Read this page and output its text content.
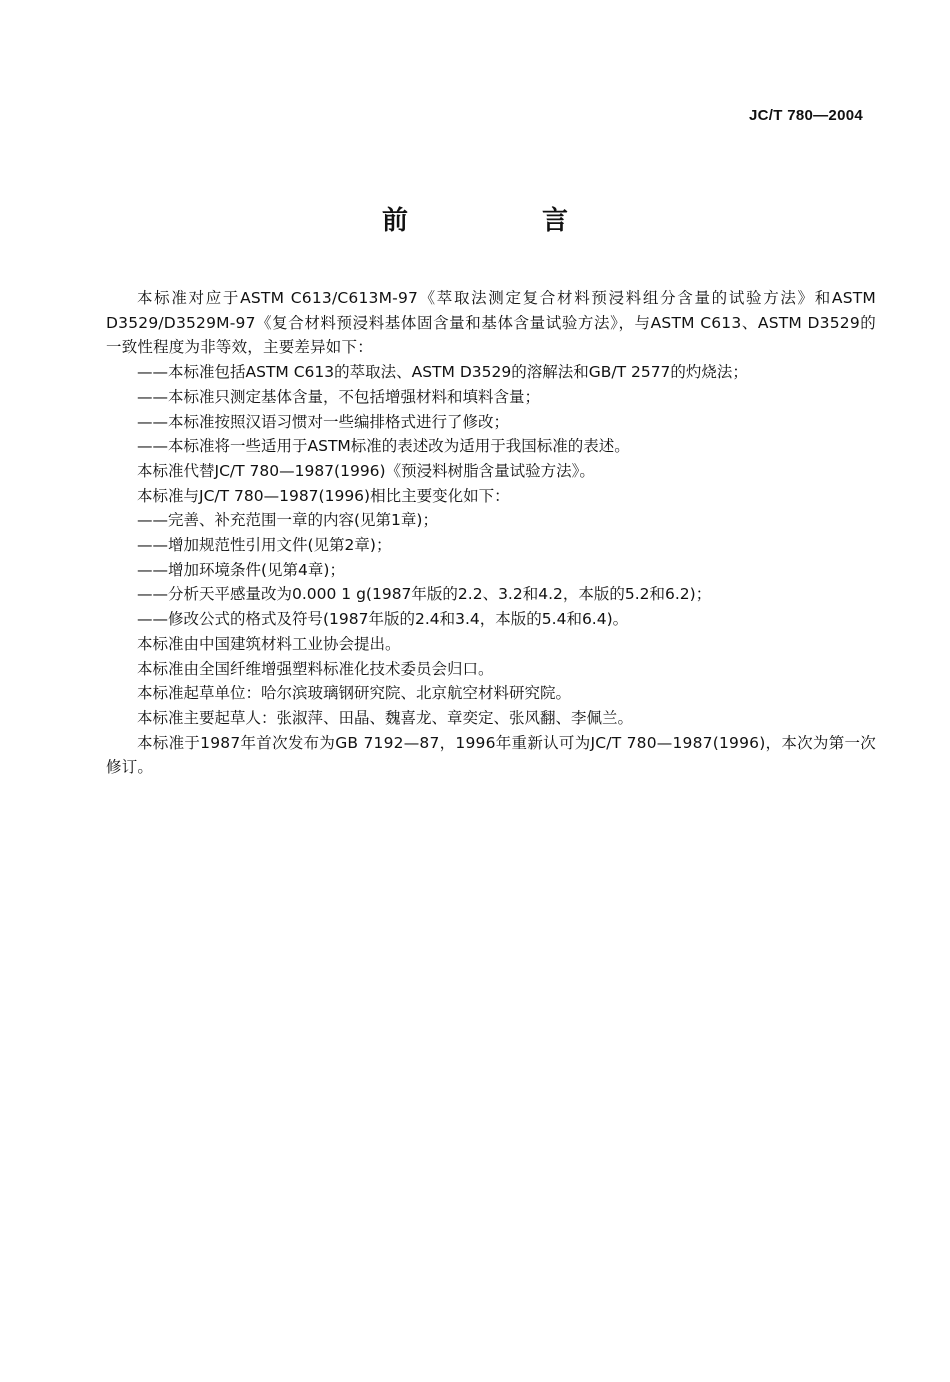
JC/T 780—2004
前　言

本标准对应于ASTM C613/C613M-97《萃取法测定复合材料预浸料组分含量的试验方法》和ASTM D3529/D3529M-97《复合材料预浸料基体固含量和基体含量试验方法》，与ASTM C613、ASTM D3529的一致性程度为非等效，主要差异如下：

——本标准包括ASTM C613的萃取法、ASTM D3529的溶解法和GB/T 2577的灼烧法；

——本标准只测定基体含量，不包括增强材料和填料含量；

——本标准按照汉语习惯对一些编排格式进行了修改；

——本标准将一些适用于ASTM标准的表述改为适用于我国标准的表述。

本标准代替JC/T 780—1987(1996)《预浸料树脂含量试验方法》。

本标准与JC/T 780—1987(1996)相比主要变化如下：

——完善、补充范围一章的内容(见第1章)；

——增加规范性引用文件(见第2章)；

——增加环境条件(见第4章)；

——分析天平感量改为0.000 1 g(1987年版的2.2、3.2和4.2，本版的5.2和6.2)；

——修改公式的格式及符号(1987年版的2.4和3.4，本版的5.4和6.4)。

本标准由中国建筑材料工业协会提出。

本标准由全国纤维增强塑料标准化技术委员会归口。

本标准起草单位：哈尔滨玻璃钢研究院、北京航空材料研究院。

本标准主要起草人：张淑萍、田晶、魏喜龙、章奕定、张风翻、李佩兰。

本标准于1987年首次发布为GB 7192—87，1996年重新认可为JC/T 780—1987(1996)，本次为第一次修订。
